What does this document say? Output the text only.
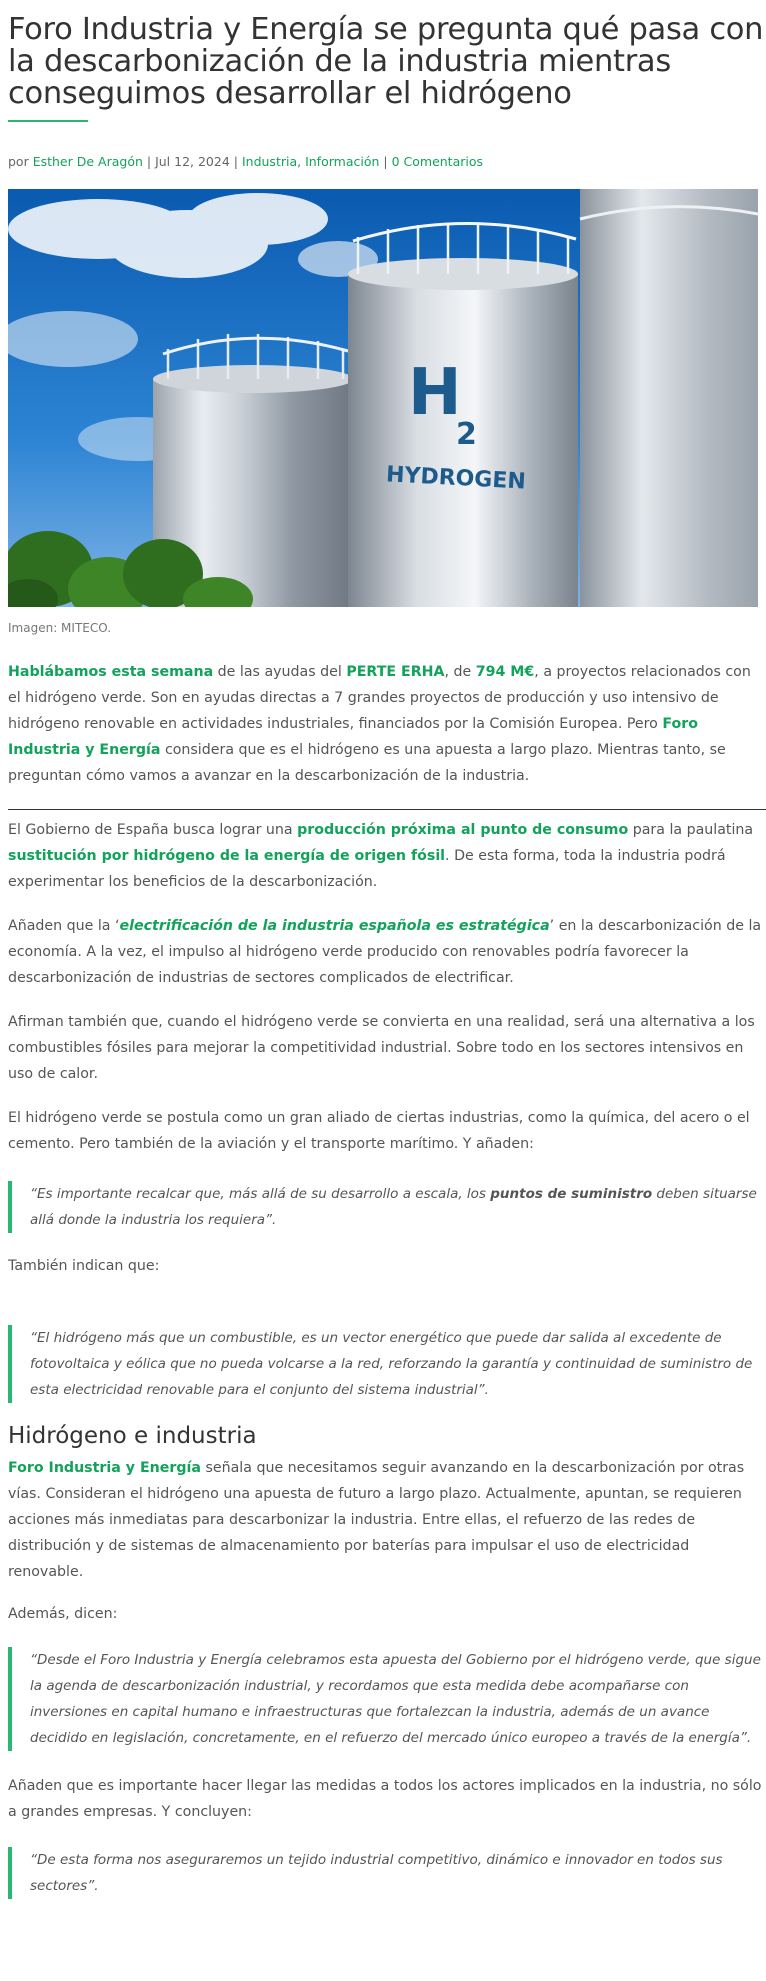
Foro Industria y Energía se pregunta qué pasa con la descarbonización de la industria mientras conseguimos desarrollar el hidrógeno
por Esther De Aragón | Jul 12, 2024 | Industria, Información | 0 Comentarios
H
2
HYDROGEN
Imagen: MITECO.

Hablábamos esta semana de las ayudas del PERTE ERHA, de 794 M€, a proyectos relacionados con el hidrógeno verde. Son en ayudas directas a 7 grandes proyectos de producción y uso intensivo de hidrógeno renovable en actividades industriales, financiados por la Comisión Europea. Pero Foro Industria y Energía considera que es el hidrógeno es una apuesta a largo plazo. Mientras tanto, se preguntan cómo vamos a avanzar en la descarbonización de la industria.

El Gobierno de España busca lograr una producción próxima al punto de consumo para la paulatina sustitución por hidrógeno de la energía de origen fósil. De esta forma, toda la industria podrá experimentar los beneficios de la descarbonización.

Añaden que la ‘electrificación de la industria española es estratégica’ en la descarbonización de la economía. A la vez, el impulso al hidrógeno verde producido con renovables podría favorecer la descarbonización de industrias de sectores complicados de electrificar.

Afirman también que, cuando el hidrógeno verde se convierta en una realidad, será una alternativa a los combustibles fósiles para mejorar la competitividad industrial. Sobre todo en los sectores intensivos en uso de calor.

El hidrógeno verde se postula como un gran aliado de ciertas industrias, como la química, del acero o el cemento. Pero también de la aviación y el transporte marítimo. Y añaden:

“Es importante recalcar que, más allá de su desarrollo a escala, los puntos de suministro deben situarse allá donde la industria los requiera”.

También indican que:

“El hidrógeno más que un combustible, es un vector energético que puede dar salida al excedente de fotovoltaica y eólica que no pueda volcarse a la red, reforzando la garantía y continuidad de suministro de esta electricidad renovable para el conjunto del sistema industrial”.

Hidrógeno e industria

Foro Industria y Energía señala que necesitamos seguir avanzando en la descarbonización por otras vías. Consideran el hidrógeno una apuesta de futuro a largo plazo. Actualmente, apuntan, se requieren acciones más inmediatas para descarbonizar la industria. Entre ellas, el refuerzo de las redes de distribución y de sistemas de almacenamiento por baterías para impulsar el uso de electricidad renovable.

Además, dicen:

“Desde el Foro Industria y Energía celebramos esta apuesta del Gobierno por el hidrógeno verde, que sigue la agenda de descarbonización industrial, y recordamos que esta medida debe acompañarse con inversiones en capital humano e infraestructuras que fortalezcan la industria, además de un avance decidido en legislación, concretamente, en el refuerzo del mercado único europeo a través de la energía”.

Añaden que es importante hacer llegar las medidas a todos los actores implicados en la industria, no sólo a grandes empresas. Y concluyen:

“De esta forma nos aseguraremos un tejido industrial competitivo, dinámico e innovador en todos sus sectores”.
